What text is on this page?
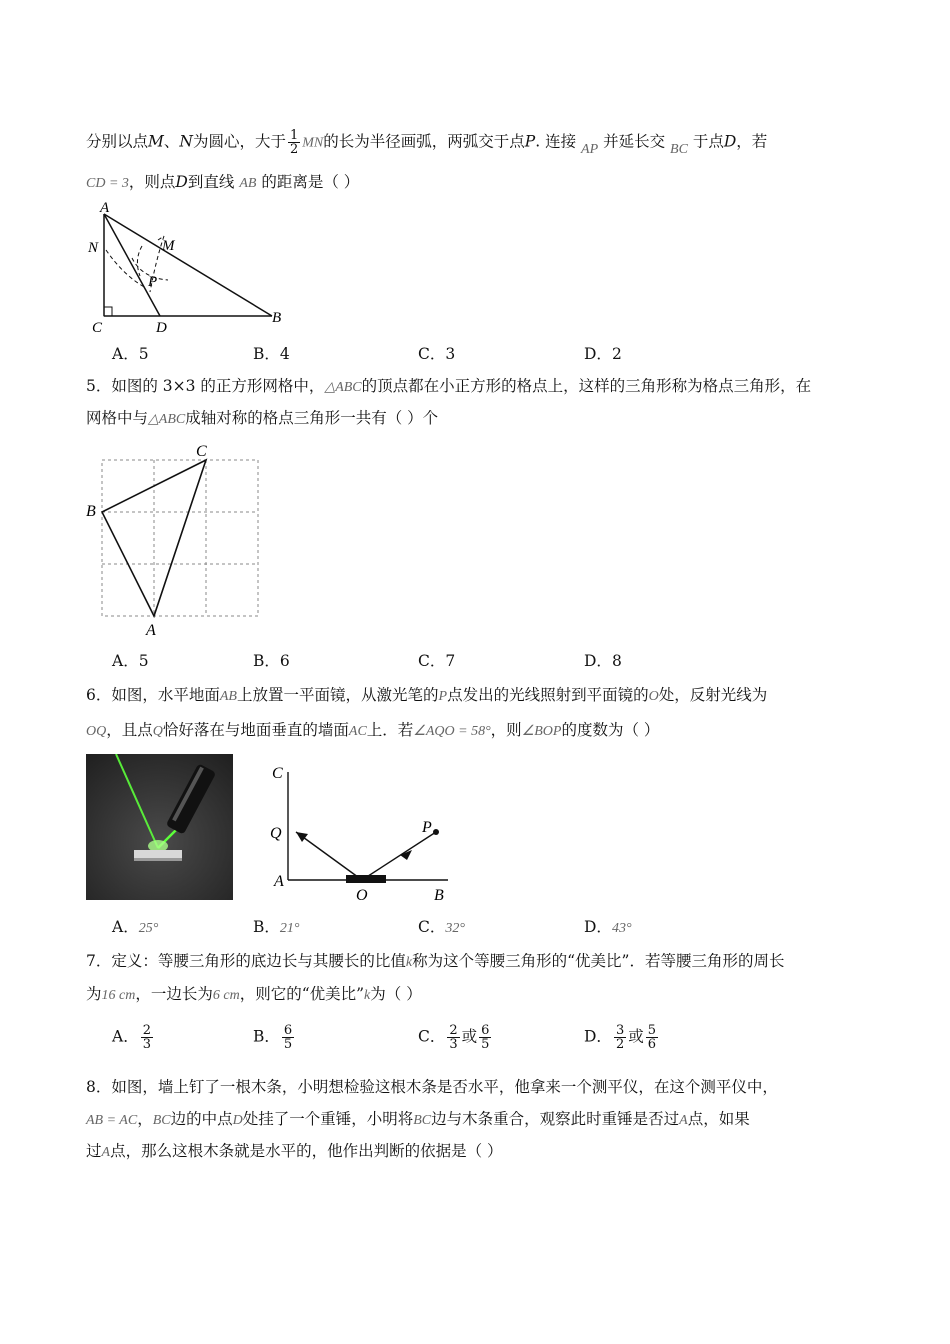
分别以点M、N为圆心，大于 $\frac{1}{2}$ MN的长为半径画弧，两弧交于点P. 连接 AP 并延长交 BC 于点D，若
CD = 3，则点D到直线 AB 的距离是（ ）
A
M
N
P
C	D
B
A．5	B．4	C．3	D．2
5．如图的 3×3 的正方形网格中，△ABC的顶点都在小正方形的格点上，这样的三角形称为格点三角形，在
网格中与△ABC成轴对称的格点三角形一共有（ ）个
C
B
A
A．5	B．6	C．7	D．8
6．如图，水平地面AB上放置一平面镜，从激光笔的P点发出的光线照射到平面镜的O处，反射光线为
OQ，且点Q恰好落在与地面垂直的墙面AC上．若∠AQO = 58°，则∠BOP的度数为（ ）
C
Q	P
A
O	B
A．25°	B．21°	C．32°	D．43°
7．定义：等腰三角形的底边长与其腰长的比值k称为这个等腰三角形的“优美比”．若等腰三角形的周长
为16 cm，一边长为6 cm，则它的“优美比”k为（ ）
A． $\frac{2}{3}$	B． $\frac{6}{5}$	C． $\frac{2}{3}$ 或 $\frac{6}{5}$	D． $\frac{3}{2}$ 或 $\frac{5}{6}$
8．如图，墙上钉了一根木条，小明想检验这根木条是否水平，他拿来一个测平仪，在这个测平仪中，
AB = AC，BC边的中点D处挂了一个重锤，小明将BC边与木条重合，观察此时重锤是否过A点，如果
过A点，那么这根木条就是水平的，他作出判断的依据是（ ）
